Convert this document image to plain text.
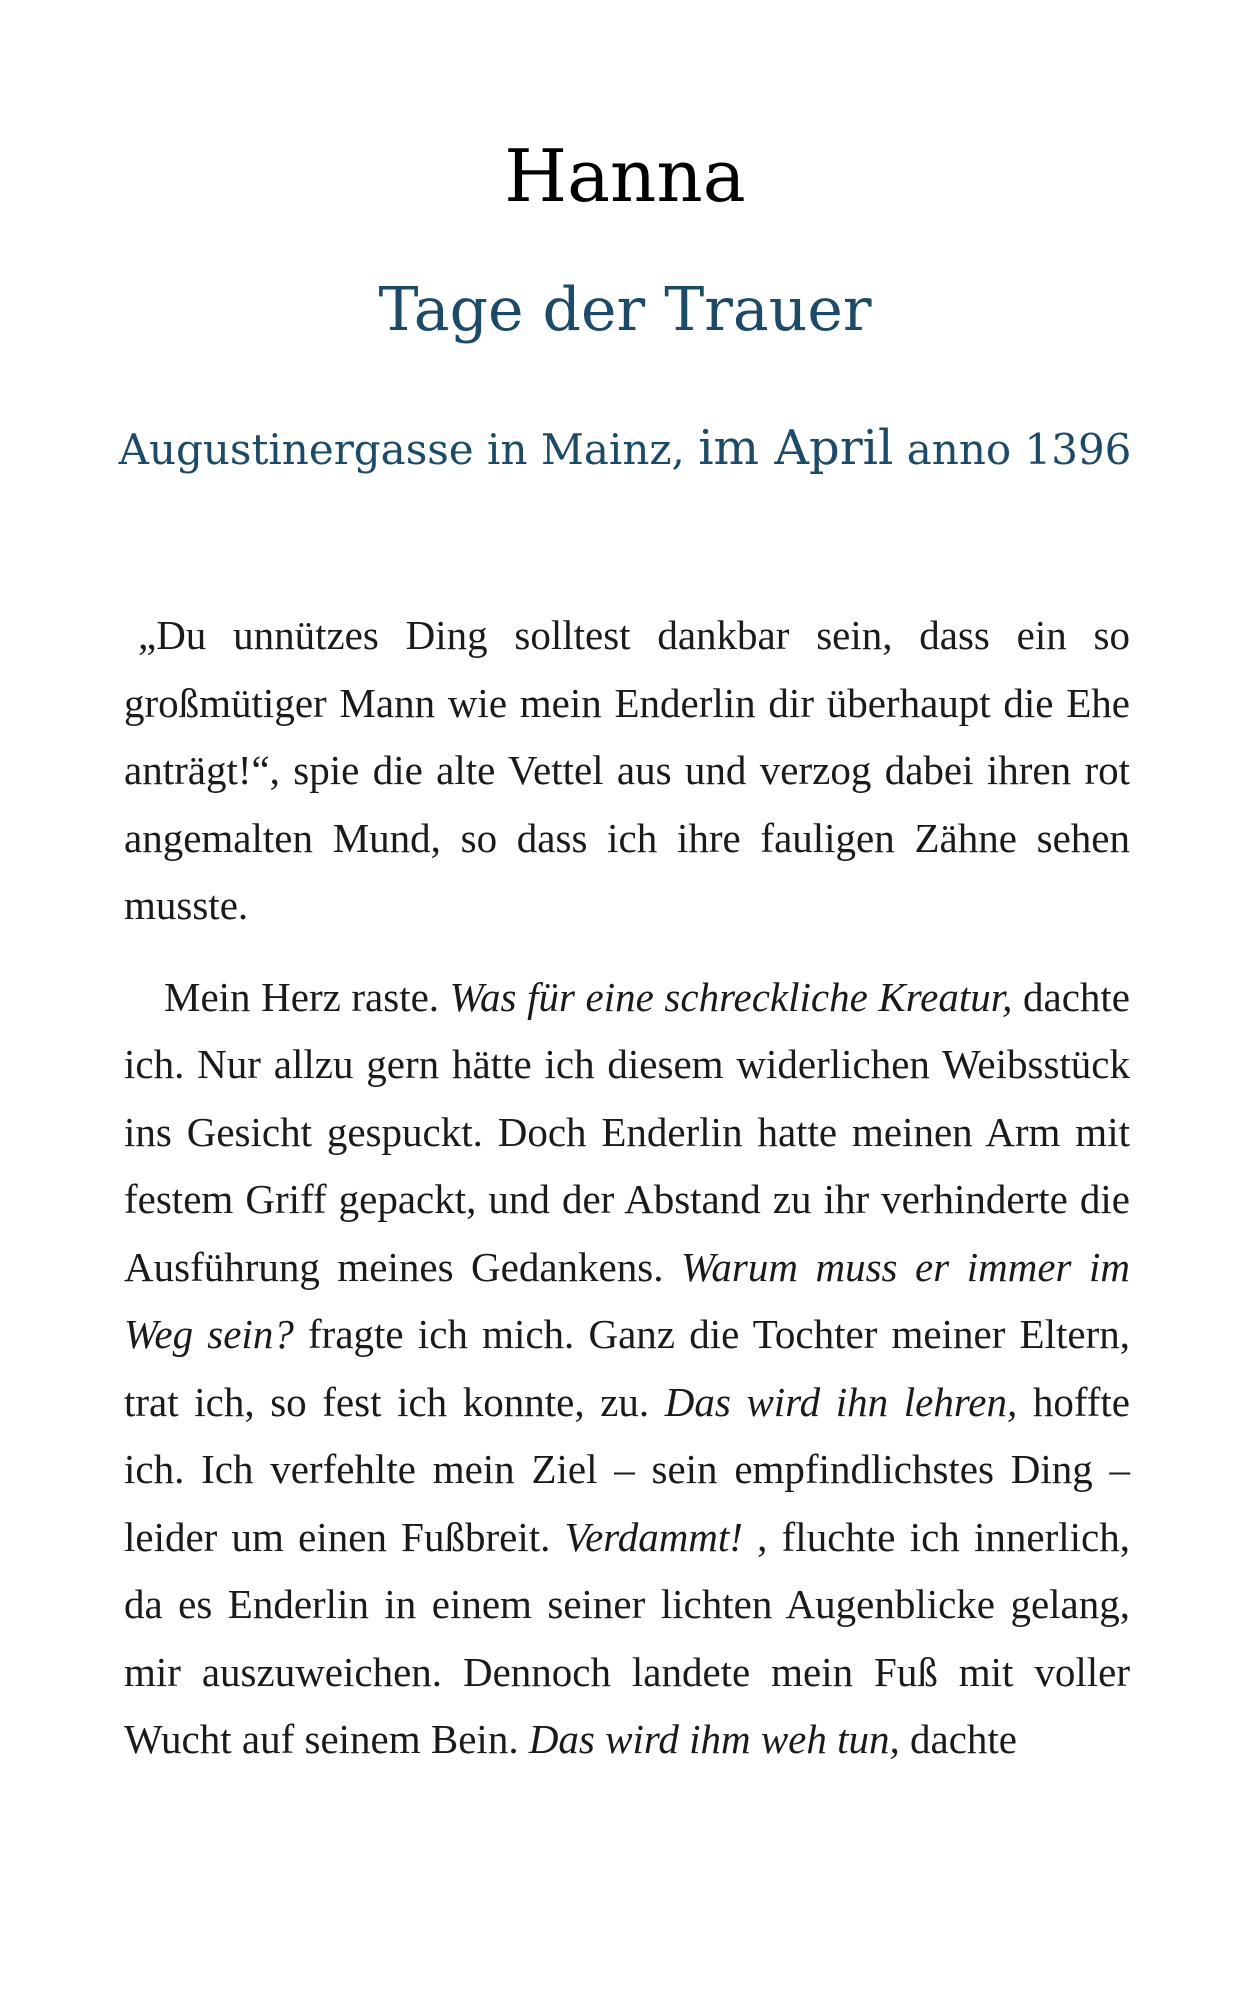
Hanna
Tage der Trauer
Augustinergasse in Mainz, im April anno 1396

„Du unnützes Ding solltest dankbar sein, dass ein so großmütiger Mann wie mein Enderlin dir überhaupt die Ehe anträgt!“, spie die alte Vettel aus und verzog dabei ihren rot angemalten Mund, so dass ich ihre fauligen Zähne sehen musste.

Mein Herz raste. Was für eine schreckliche Kreatur, dachte ich. Nur allzu gern hätte ich diesem widerlichen Weibsstück ins Gesicht gespuckt. Doch Enderlin hatte meinen Arm mit festem Griff gepackt, und der Abstand zu ihr verhinderte die Ausführung meines Gedankens. Warum muss er immer im Weg sein? fragte ich mich. Ganz die Tochter meiner Eltern, trat ich, so fest ich konnte, zu. Das wird ihn lehren, hoffte ich. Ich verfehlte mein Ziel – sein empfindlichstes Ding – leider um einen Fußbreit. Verdammt! , fluchte ich innerlich, da es Enderlin in einem seiner lichten Augenblicke gelang, mir auszuweichen. Dennoch landete mein Fuß mit voller Wucht auf seinem Bein. Das wird ihm weh tun, dachte
